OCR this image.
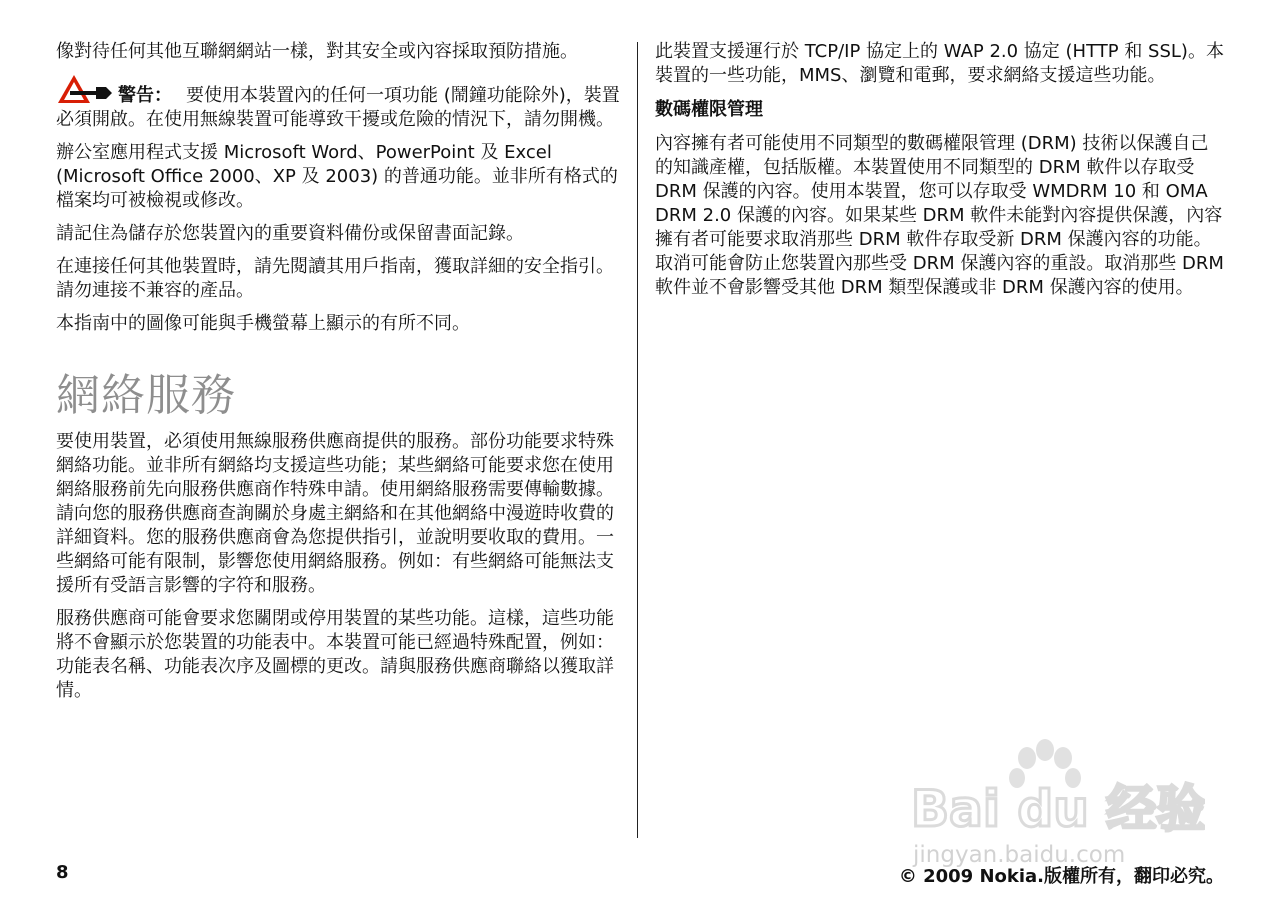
像對待任何其他互聯網網站一樣，對其安全或內容採取預防措施。

警告： 要使用本裝置內的任何一項功能 (鬧鐘功能除外)，裝置必須開啟。在使用無線裝置可能導致干擾或危險的情況下，請勿開機。

辦公室應用程式支援 Microsoft Word、PowerPoint 及 Excel (Microsoft Office 2000、XP 及 2003) 的普通功能。並非所有格式的檔案均可被檢視或修改。

請記住為儲存於您裝置內的重要資料備份或保留書面記錄。

在連接任何其他裝置時，請先閱讀其用戶指南，獲取詳細的安全指引。請勿連接不兼容的產品。

本指南中的圖像可能與手機螢幕上顯示的有所不同。

網絡服務

要使用裝置，必須使用無線服務供應商提供的服務。部份功能要求特殊網絡功能。並非所有網絡均支援這些功能；某些網絡可能要求您在使用網絡服務前先向服務供應商作特殊申請。使用網絡服務需要傳輸數據。請向您的服務供應商查詢關於身處主網絡和在其他網絡中漫遊時收費的詳細資料。您的服務供應商會為您提供指引，並說明要收取的費用。一些網絡可能有限制，影響您使用網絡服務。例如：有些網絡可能無法支援所有受語言影響的字符和服務。

服務供應商可能會要求您關閉或停用裝置的某些功能。這樣，這些功能將不會顯示於您裝置的功能表中。本裝置可能已經過特殊配置，例如：功能表名稱、功能表次序及圖標的更改。請與服務供應商聯絡以獲取詳情。

此裝置支援運行於 TCP/IP 協定上的 WAP 2.0 協定 (HTTP 和 SSL)。本裝置的一些功能，MMS、瀏覽和電郵，要求網絡支援這些功能。

數碼權限管理

內容擁有者可能使用不同類型的數碼權限管理 (DRM) 技術以保護自己的知識產權，包括版權。本裝置使用不同類型的 DRM 軟件以存取受 DRM 保護的內容。使用本裝置，您可以存取受 WMDRM 10 和 OMA DRM 2.0 保護的內容。如果某些 DRM 軟件未能對內容提供保護，內容擁有者可能要求取消那些 DRM 軟件存取受新 DRM 保護內容的功能。取消可能會防止您裝置內那些受 DRM 保護內容的重設。取消那些 DRM 軟件並不會影響受其他 DRM 類型保護或非 DRM 保護內容的使用。

8
Bai du 经验
jingyan.baidu.com
© 2009 Nokia.版權所有，翻印必究。
